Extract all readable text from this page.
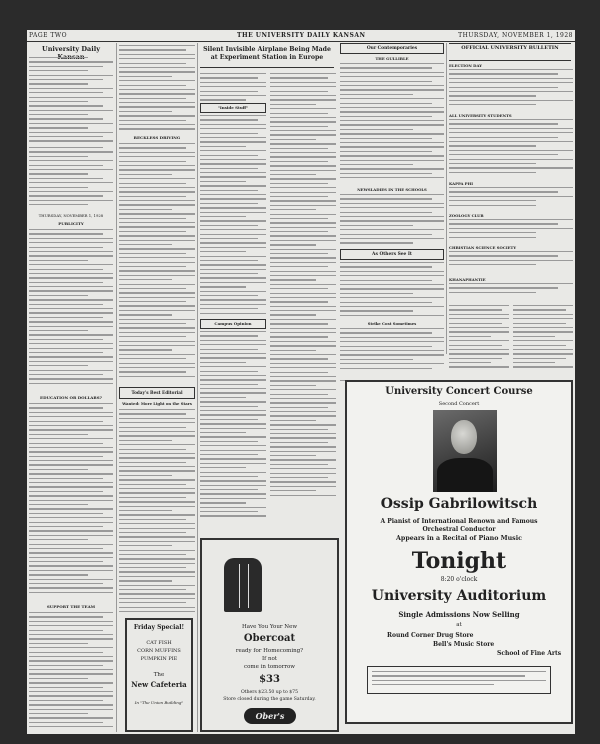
PAGE TWO	THE UNIVERSITY DAILY KANSAN	THURSDAY, NOVEMBER 1, 1928
University Daily
THURSDAY, NOVEMBER 1, 1928
PUBLICITY
EDUCATION OR DOLLARS?
SUPPORT THE TEAM
RECKLESS DRIVING
Today's Best Editorial
Wanted: More Light on the Stars
Friday Special!
CAT FISH
CORN MUFFINS
PUMPKIN PIE
The
New Cafeteria
In "The Union Building"
Silent Invisible Airplane Being Made at Experiment Station in Europe
"Inside Stuff"
Campus Opinion
Our Contemporaries
THE GULLIBLE
NEWSLADIES IN THE SCHOOLS
As Others See It
Strike Cost Sometimes
OFFICIAL UNIVERSITY BULLETIN
ELECTION DAY
ALL UNIVERSITY STUDENTS
KAPPA PHI
ZOOLOGY CLUB
CHRISTIAN SCIENCE SOCIETY
KHANAPHANTIE
Have You Your New
Obercoat
ready for Homecoming?
If not
come in tomorrow
$33
Others $23.50 up to $75
Store closed during the game Saturday.
Ober's
University Concert Course
Second Concert
Ossip Gabrilowitsch
A Pianist of International Renown and Famous
Orchestral Conductor
Appears in a Recital of Piano Music
Tonight
8:20 o'clock
University Auditorium
Single Admissions Now Selling
at
Round Corner Drug Store
Bell's Music Store
School of Fine Arts
